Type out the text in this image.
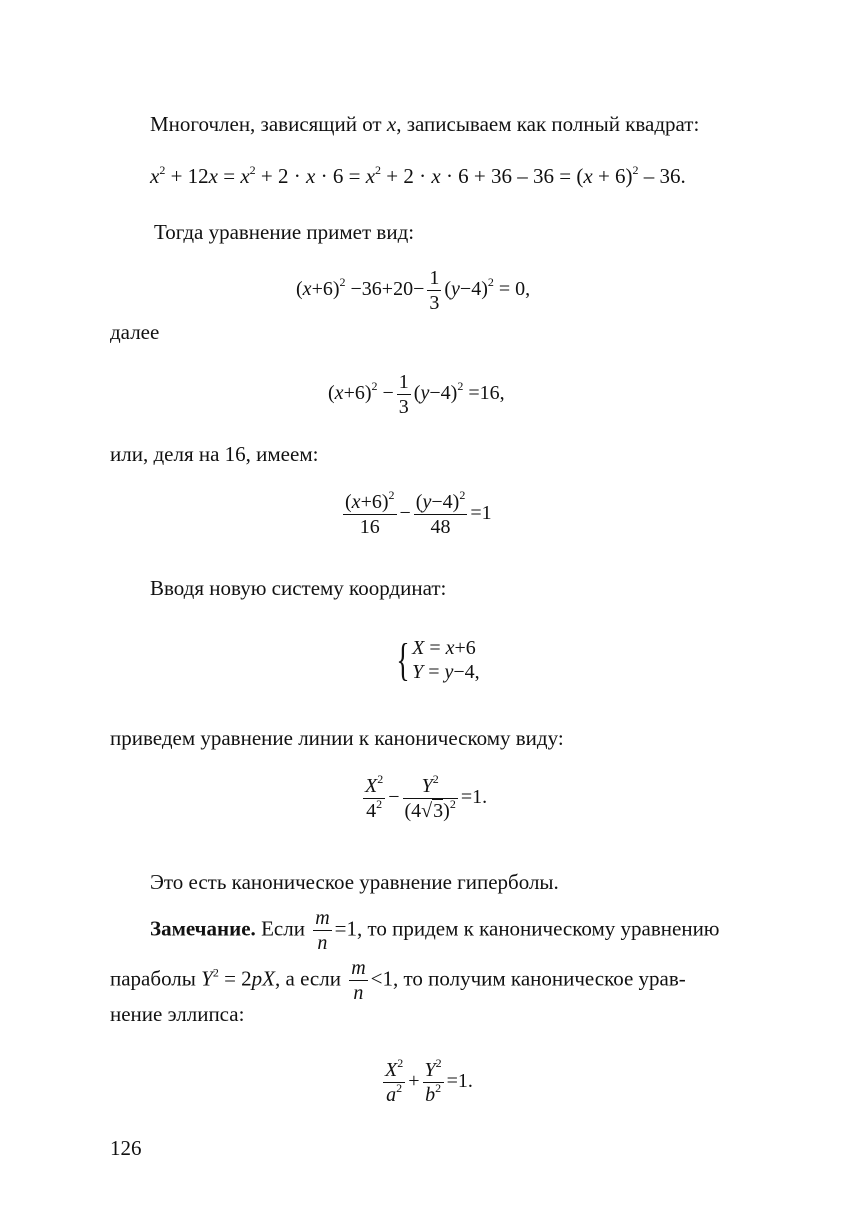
Многочлен, зависящий от x, записываем как полный квадрат:
$x^2 + 12x = x^2 + 2 \cdot x \cdot 6 = x^2 + 2 \cdot x \cdot 6 + 36 - 36 = (x + 6)^2 - 36$.
Тогда уравнение примет вид:
$(x+6)^2 -36+20- \frac{1}{3} (y-4)^2 = 0$,
далее
$(x+6)^2 - \frac{1}{3} (y-4)^2 =16$,
или, деля на 16, имеем:
$\frac{(x+6)^2}{16} - \frac{(y-4)^2}{48} =1$
Вводя новую систему координат:
{ X = x+6
Y = y−4,
приведем уравнение линии к каноническому виду:
$\frac{X^2}{4^2} - \frac{Y^2}{(4√3)^2} =1$.
Это есть каноническое уравнение гиперболы.
Замечание. Если $\frac{m}{n} =1$, то придем к каноническому уравнению
параболы $Y^2 = 2pX$, а если $\frac{m}{n} <1$, то получим каноническое урав-
нение эллипса:
$\frac{X^2}{a^2} + \frac{Y^2}{b^2} =1$.
126
